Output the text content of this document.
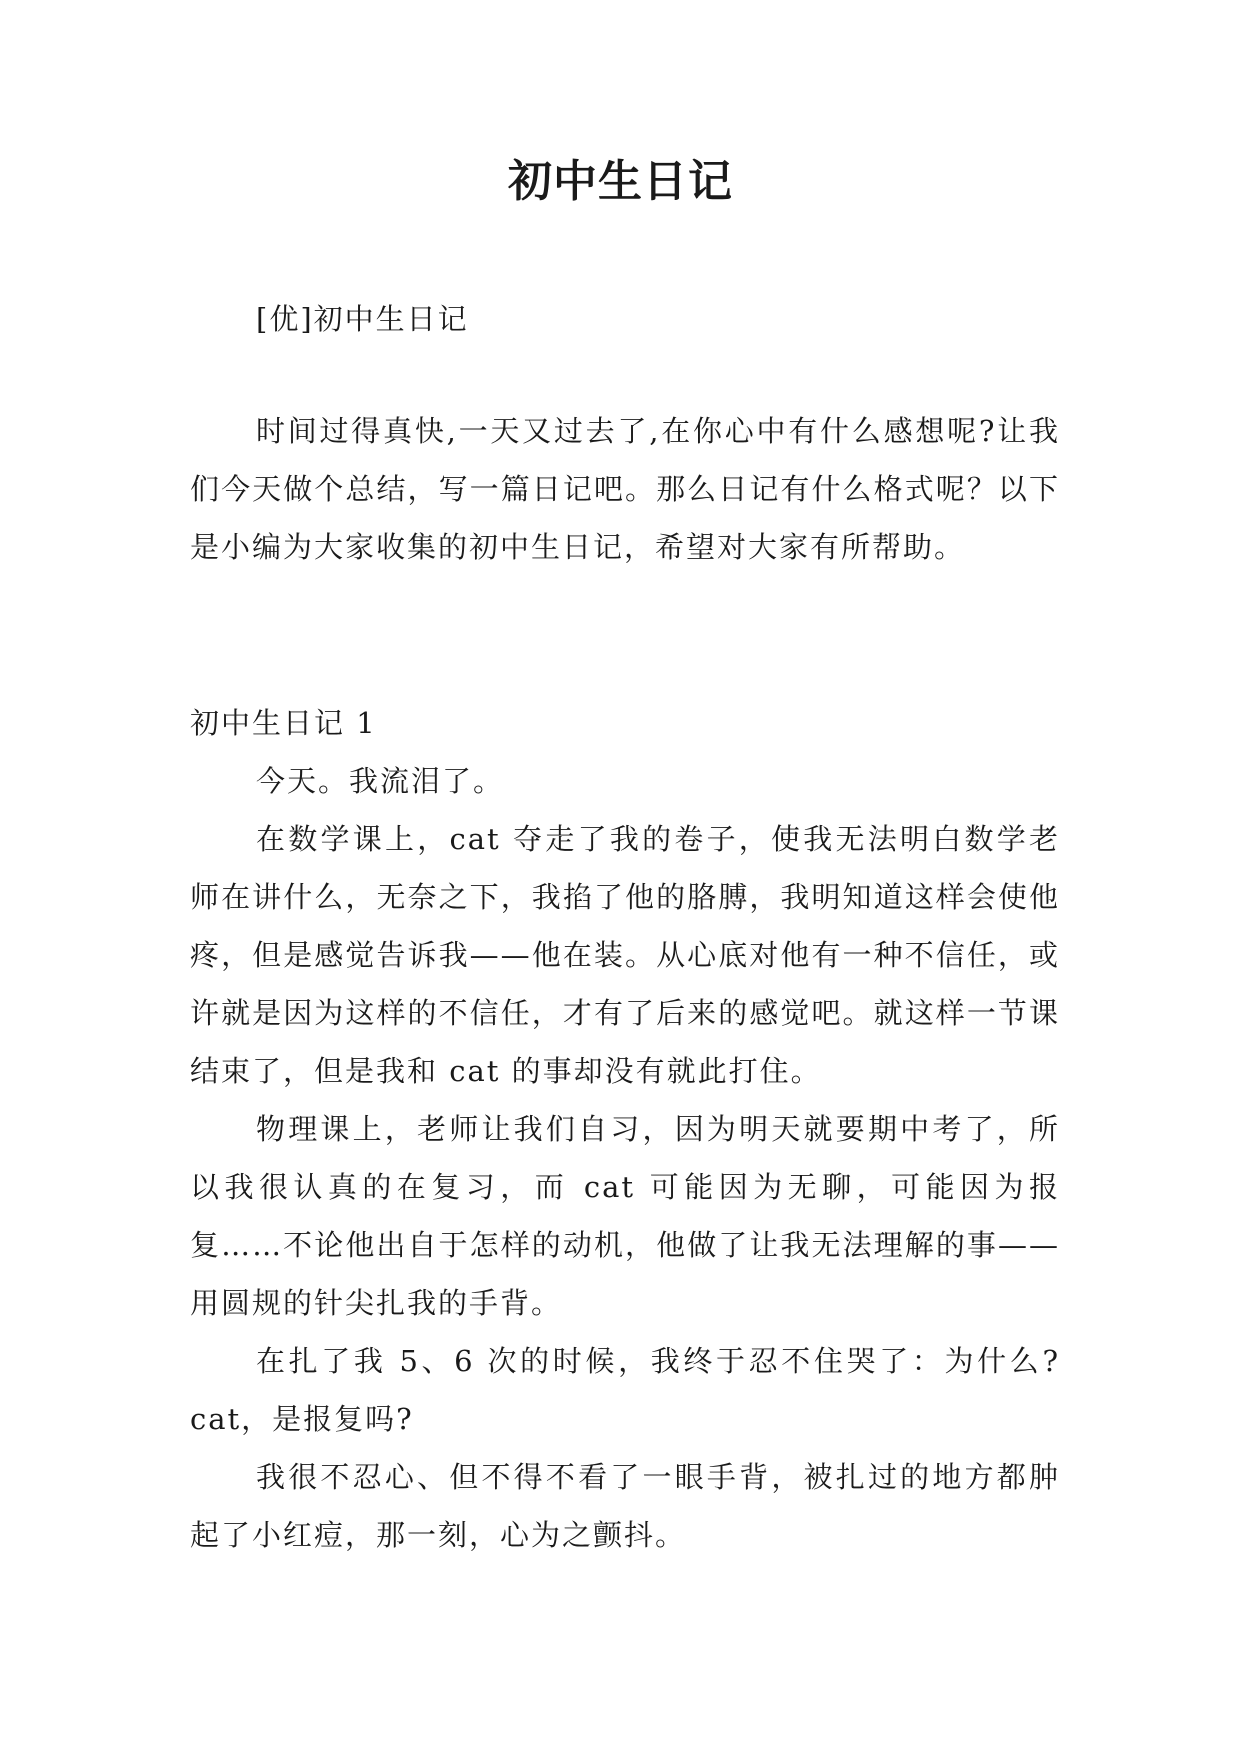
初中生日记

[优]初中生日记

时间过得真快,一天又过去了,在你心中有什么感想呢?让我们今天做个总结，写一篇日记吧。那么日记有什么格式呢？以下是小编为大家收集的初中生日记，希望对大家有所帮助。

初中生日记 1

今天。我流泪了。

在数学课上，cat 夺走了我的卷子，使我无法明白数学老师在讲什么，无奈之下，我掐了他的胳膊，我明知道这样会使他疼，但是感觉告诉我——他在装。从心底对他有一种不信任，或许就是因为这样的不信任，才有了后来的感觉吧。就这样一节课结束了，但是我和 cat 的事却没有就此打住。

物理课上，老师让我们自习，因为明天就要期中考了，所以我很认真的在复习，而 cat 可能因为无聊，可能因为报复……不论他出自于怎样的动机，他做了让我无法理解的事——用圆规的针尖扎我的手背。

在扎了我 5、6 次的时候，我终于忍不住哭了：为什么?cat，是报复吗?

我很不忍心、但不得不看了一眼手背，被扎过的地方都肿起了小红痘，那一刻，心为之颤抖。
